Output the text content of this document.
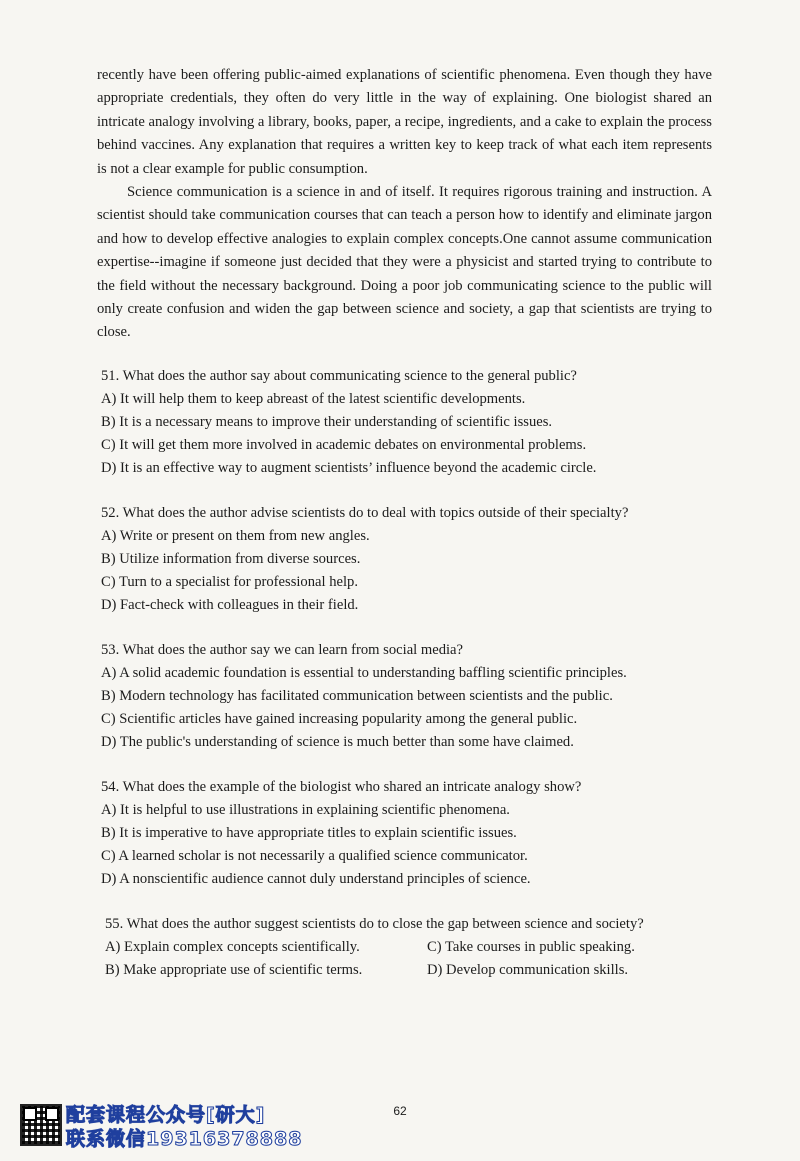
recently have been offering public-aimed explanations of scientific phenomena. Even though they have appropriate credentials, they often do very little in the way of explaining. One biologist shared an intricate analogy involving a library, books, paper, a recipe, ingredients, and a cake to explain the process behind vaccines. Any explanation that requires a written key to keep track of what each item represents is not a clear example for public consumption.

Science communication is a science in and of itself. It requires rigorous training and instruction. A scientist should take communication courses that can teach a person how to identify and eliminate jargon and how to develop effective analogies to explain complex concepts.One cannot assume communication expertise--imagine if someone just decided that they were a physicist and started trying to contribute to the field without the necessary background. Doing a poor job communicating science to the public will only create confusion and widen the gap between science and society, a gap that scientists are trying to close.

51. What does the author say about communicating science to the general public?
A) It will help them to keep abreast of the latest scientific developments.
B) It is a necessary means to improve their understanding of scientific issues.
C) It will get them more involved in academic debates on environmental problems.
D) It is an effective way to augment scientists’ influence beyond the academic circle.
52. What does the author advise scientists do to deal with topics outside of their specialty?
A) Write or present on them from new angles.
B) Utilize information from diverse sources.
C) Turn to a specialist for professional help.
D) Fact-check with colleagues in their field.
53. What does the author say we can learn from social media?
A) A solid academic foundation is essential to understanding baffling scientific principles.
B) Modern technology has facilitated communication between scientists and the public.
C) Scientific articles have gained increasing popularity among the general public.
D) The public's understanding of science is much better than some have claimed.
54. What does the example of the biologist who shared an intricate analogy show?
A) It is helpful to use illustrations in explaining scientific phenomena.
B) It is imperative to have appropriate titles to explain scientific issues.
C) A learned scholar is not necessarily a qualified science communicator.
D) A nonscientific audience cannot duly understand principles of science.
55. What does the author suggest scientists do to close the gap between science and society?
A) Explain complex concepts scientifically.	C) Take courses in public speaking.
B) Make appropriate use of scientific terms.	D) Develop communication skills.
配套课程公众号[研大]
联系微信19316378888
62
